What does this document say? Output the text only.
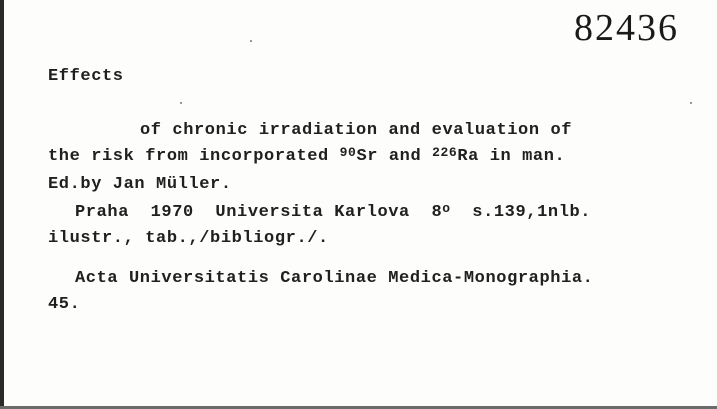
82436
Effects
of chronic irradiation and evaluation of
the risk from incorporated $^{90}$Sr and $^{226}$Ra in man.
Ed.by Jan Müller.
Praha  1970  Universita Karlova  8$^o$  s.139,1nlb.
ilustr., tab.,/bibliogr./.
Acta Universitatis Carolinae Medica-Monographia.
45.
